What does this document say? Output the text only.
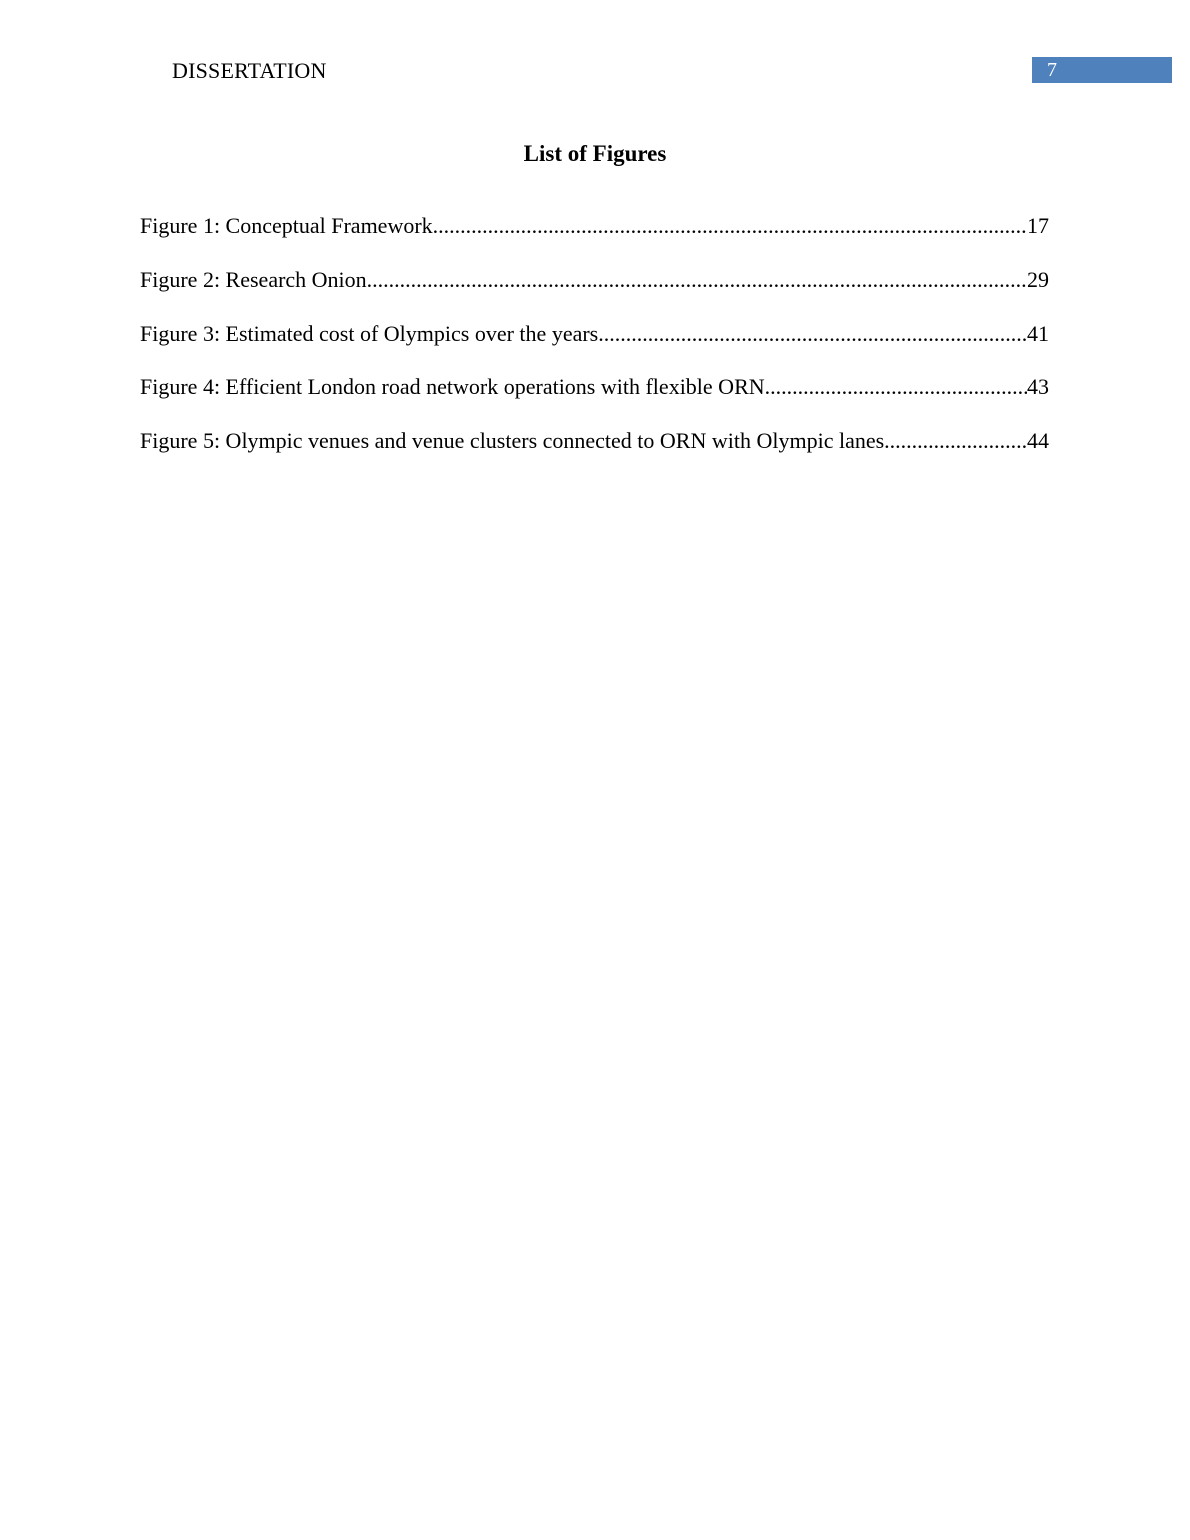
DISSERTATION	7
List of Figures
Figure 1: Conceptual Framework .....	17
Figure 2: Research Onion .....	29
Figure 3: Estimated cost of Olympics over the years .....	41
Figure 4: Efficient London road network operations with flexible ORN .....	43
Figure 5: Olympic venues and venue clusters connected to ORN with Olympic lanes .....	44
